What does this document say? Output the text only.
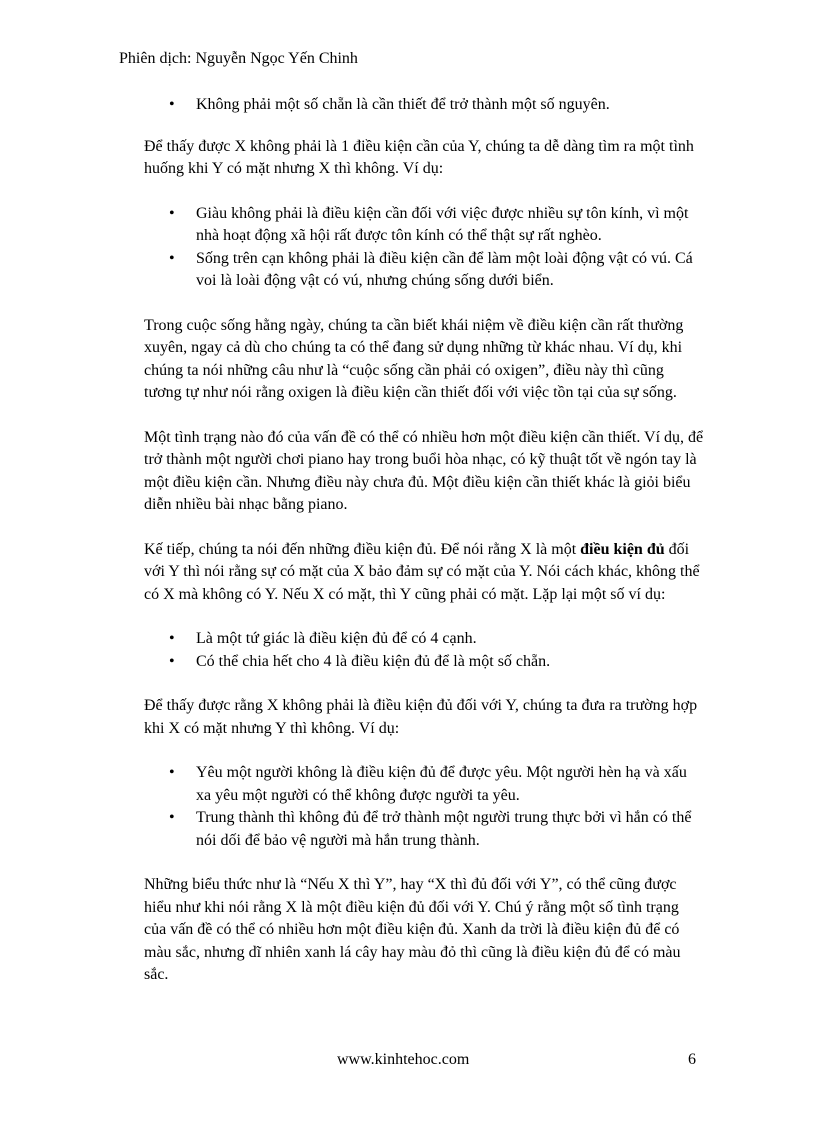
Phiên dịch: Nguyễn Ngọc Yến Chinh
• Không phải một số chẵn là cần thiết để trở thành một số nguyên.

Để thấy được X không phải là 1 điều kiện cần của Y, chúng ta dễ dàng tìm ra một tình huống khi Y có mặt nhưng X thì không. Ví dụ:

• Giàu không phải là điều kiện cần đối với việc được nhiều sự tôn kính, vì một nhà hoạt động xã hội rất được tôn kính có thể thật sự rất nghèo.
• Sống trên cạn không phải là điều kiện cần để làm một loài động vật có vú. Cá voi là loài động vật có vú, nhưng chúng sống dưới biển.

Trong cuộc sống hằng ngày, chúng ta cần biết khái niệm về điều kiện cần rất thường xuyên, ngay cả dù cho chúng ta có thể đang sử dụng những từ khác nhau. Ví dụ, khi chúng ta nói những câu như là “cuộc sống cần phải có oxigen”, điều này thì cũng tương tự như nói rằng oxigen là điều kiện cần thiết đối với việc tồn tại của sự sống.

Một tình trạng nào đó của vấn đề có thể có nhiều hơn một điều kiện cần thiết. Ví dụ, để trở thành một người chơi piano hay trong buổi hòa nhạc, có kỹ thuật tốt về ngón tay là một điều kiện cần. Nhưng điều này chưa đủ. Một điều kiện cần thiết khác là giỏi biểu diễn nhiều bài nhạc bằng piano.

Kế tiếp, chúng ta nói đến những điều kiện đủ. Để nói rằng X là một điều kiện đủ đối với Y thì nói rằng sự có mặt của X bảo đảm sự có mặt của Y. Nói cách khác, không thể có X mà không có Y. Nếu X có mặt, thì Y cũng phải có mặt. Lặp lại một số ví dụ:

• Là một tứ giác là điều kiện đủ để có 4 cạnh.
• Có thể chia hết cho 4 là điều kiện đủ để là một số chẵn.

Để thấy được rằng X không phải là điều kiện đủ đối với Y, chúng ta đưa ra trường hợp khi X có mặt nhưng Y thì không. Ví dụ:

• Yêu một người không là điều kiện đủ để được yêu. Một người hèn hạ và xấu xa yêu một người có thể không được người ta yêu.
• Trung thành thì không đủ để trở thành một người trung thực bởi vì hắn có thể nói dối để bảo vệ người mà hắn trung thành.

Những biểu thức như là “Nếu X thì Y”, hay “X thì đủ đối với Y”, có thể cũng được hiểu như khi nói rằng X là một điều kiện đủ đối với Y. Chú ý rằng một số tình trạng của vấn đề có thể có nhiều hơn một điều kiện đủ. Xanh da trời là điều kiện đủ để có màu sắc, nhưng dĩ nhiên xanh lá cây hay màu đỏ thì cũng là điều kiện đủ để có màu sắc.

www.kinhtehoc.com	6
